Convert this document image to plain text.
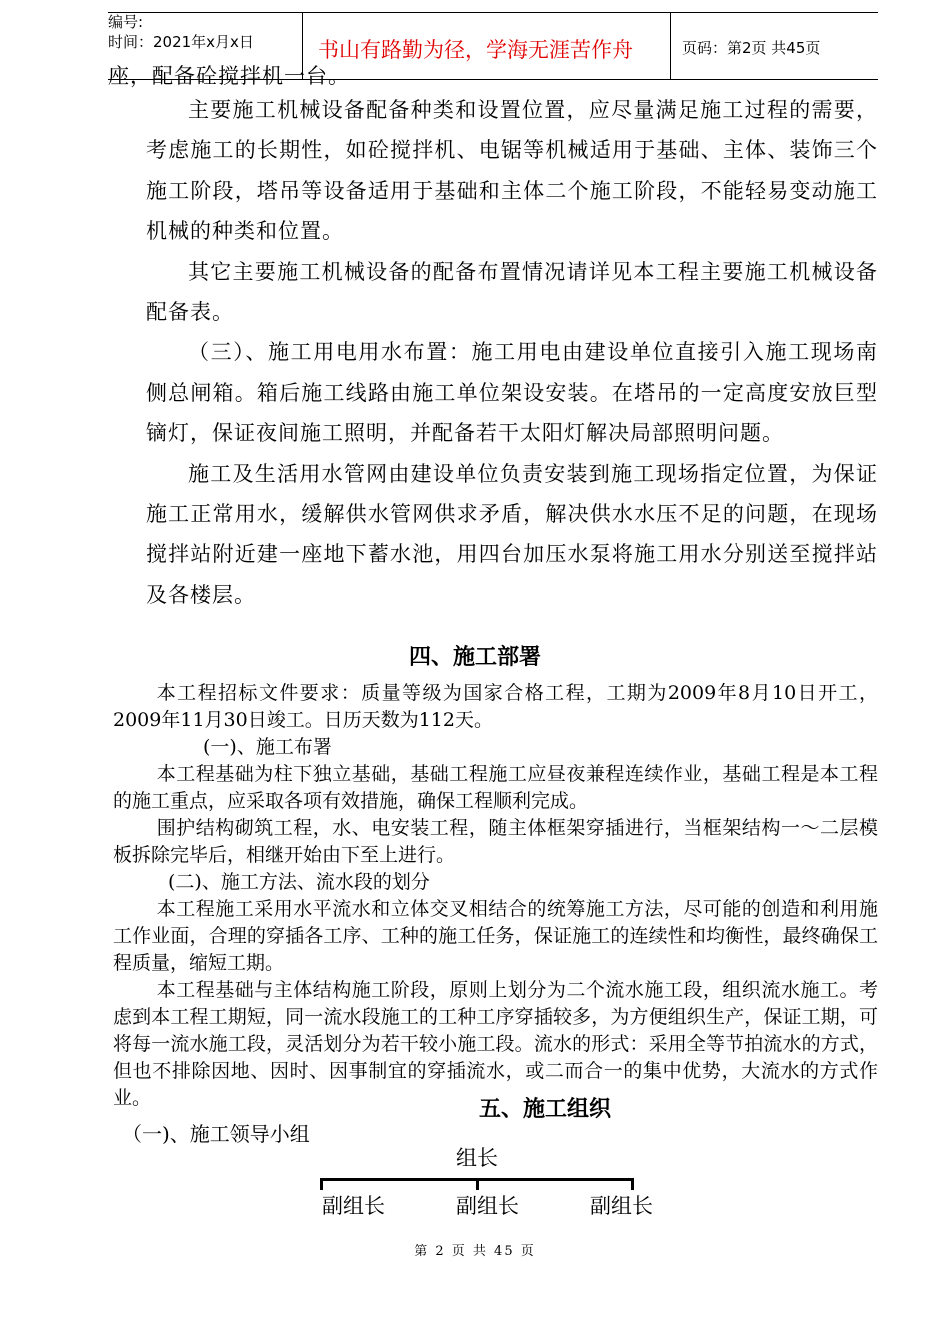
编号:
时间：2021年x月x日	书山有路勤为径，学海无涯苦作舟	页码：第2页 共45页
座，配备砼搅拌机一台。

主要施工机械设备配备种类和设置位置，应尽量满足施工过程的需要，考虑施工的长期性，如砼搅拌机、电锯等机械适用于基础、主体、装饰三个施工阶段，塔吊等设备适用于基础和主体二个施工阶段，不能轻易变动施工机械的种类和位置。

其它主要施工机械设备的配备布置情况请详见本工程主要施工机械设备配备表。

（三）、施工用电用水布置：施工用电由建设单位直接引入施工现场南侧总闸箱。箱后施工线路由施工单位架设安装。在塔吊的一定高度安放巨型镝灯，保证夜间施工照明，并配备若干太阳灯解决局部照明问题。

施工及生活用水管网由建设单位负责安装到施工现场指定位置，为保证施工正常用水，缓解供水管网供求矛盾，解决供水水压不足的问题，在现场搅拌站附近建一座地下蓄水池，用四台加压水泵将施工用水分别送至搅拌站及各楼层。

四、施工部署

本工程招标文件要求：质量等级为国家合格工程，工期为2009年8月10日开工，2009年11月30日竣工。日历天数为112天。

(一)、施工布署

本工程基础为柱下独立基础，基础工程施工应昼夜兼程连续作业，基础工程是本工程的施工重点，应采取各项有效措施，确保工程顺利完成。

围护结构砌筑工程，水、电安装工程，随主体框架穿插进行，当框架结构一～二层模板拆除完毕后，相继开始由下至上进行。

(二)、施工方法、流水段的划分

本工程施工采用水平流水和立体交叉相结合的统筹施工方法，尽可能的创造和利用施工作业面，合理的穿插各工序、工种的施工任务，保证施工的连续性和均衡性，最终确保工程质量，缩短工期。

本工程基础与主体结构施工阶段，原则上划分为二个流水施工段，组织流水施工。考虑到本工程工期短，同一流水段施工的工种工序穿插较多，为方便组织生产，保证工期，可将每一流水施工段，灵活划分为若干较小施工段。流水的形式：采用全等节拍流水的方式，但也不排除因地、因时、因事制宜的穿插流水，或二而合一的集中优势，大流水的方式作业。	五、施工组织
（一)、施工领导小组
组长
副组长	副组长	副组长
第 2 页 共 45 页
